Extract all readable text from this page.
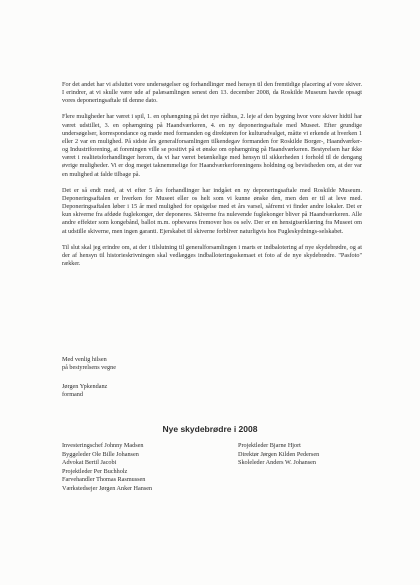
For det andet har vi afsluttet vore undersøgelser og forhandlinger med hensyn til den fremtidige placering af vore skiver. I erindrer, at vi skulle være ude af palæsamlingen senest den 13. december 2008, da Roskilde Museum havde opsagt vores deponeringsaftale til denne dato.

Flere muligheder har været i spil, 1. en ophængning på det nye rådhus, 2. leje af den bygning hvor vore skiver hidtil har været udstillet, 3. en ophængning på Haandværkeren, 4. en ny deponeringsaftale med Museet. Efter grundige undersøgelser, korrespondance og møde med formanden og direktøren for kulturudvalget, måtte vi erkende at hverken 1 eller 2 var en mulighed. På sidste års generalforsamlingen tilkendegav formanden for Roskilde Borger-, Haandværker- og Industriforening, at foreningen ville se positivt på et ønske om ophængning på Haandværkeren. Bestyrelsen har ikke været i realitetsforhandlinger herom, da vi har været betænkelige med hensyn til sikkerheden i forhold til de dengang øvrige muligheder. Vi er dog meget taknemmelige for Haandværkerforeningens holdning og bevistheden om, at der var en mulighed at falde tilbage på.

Det er så endt med, at vi efter 5 års forhandlinger har indgået en ny deponeringsaftale med Roskilde Museum. Deponeringsaftalen er hverken for Museet eller os helt som vi kunne ønske den, men den er til at leve med. Deponeringsaftalen løber i 15 år med mulighed for opsigelse med et års varsel, såfremt vi finder andre lokaler. Det er kun skiverne fra afdøde fuglekonger, der deponeres. Skiverne fra nulevende fuglekonger bliver på Haandværkeren. Alle andre effekter som kongebånd, ballot m.m. opbevares fremover hos os selv. Der er en hensigtserklæring fra Museet om at udstille skiverne, men ingen garanti. Ejerskabet til skiverne forbliver naturligvis hos Fugleskydnings-selskabet.

Til slut skal jeg erindre om, at der i tilslutning til generalforsamlingen i marts er indbalotering af nye skydebrødre, og at der af hensyn til historieskrivningen skal vedlægges indballoteringsskemaet et foto af de nye skydebrødre. "Pasfoto" rækker.

Med venlig hilsen
på bestyrelsens vegne
Jørgen Ypkendanz
formand
Nye skydebrødre i 2008
Investeringschef Johnny Madsen
Byggeleder Ole Bille Johansen
Advokat Bertil Jacobi
Projektleder Per Buchholz
Farvehandler Thomas Rasmussen
Værkstedsejer Jørgen Anker Hansen
Projektleder Bjarne Hjort
Direktør Jørgen Kilden Pedersen
Skoleleder Anders W. Johansen
